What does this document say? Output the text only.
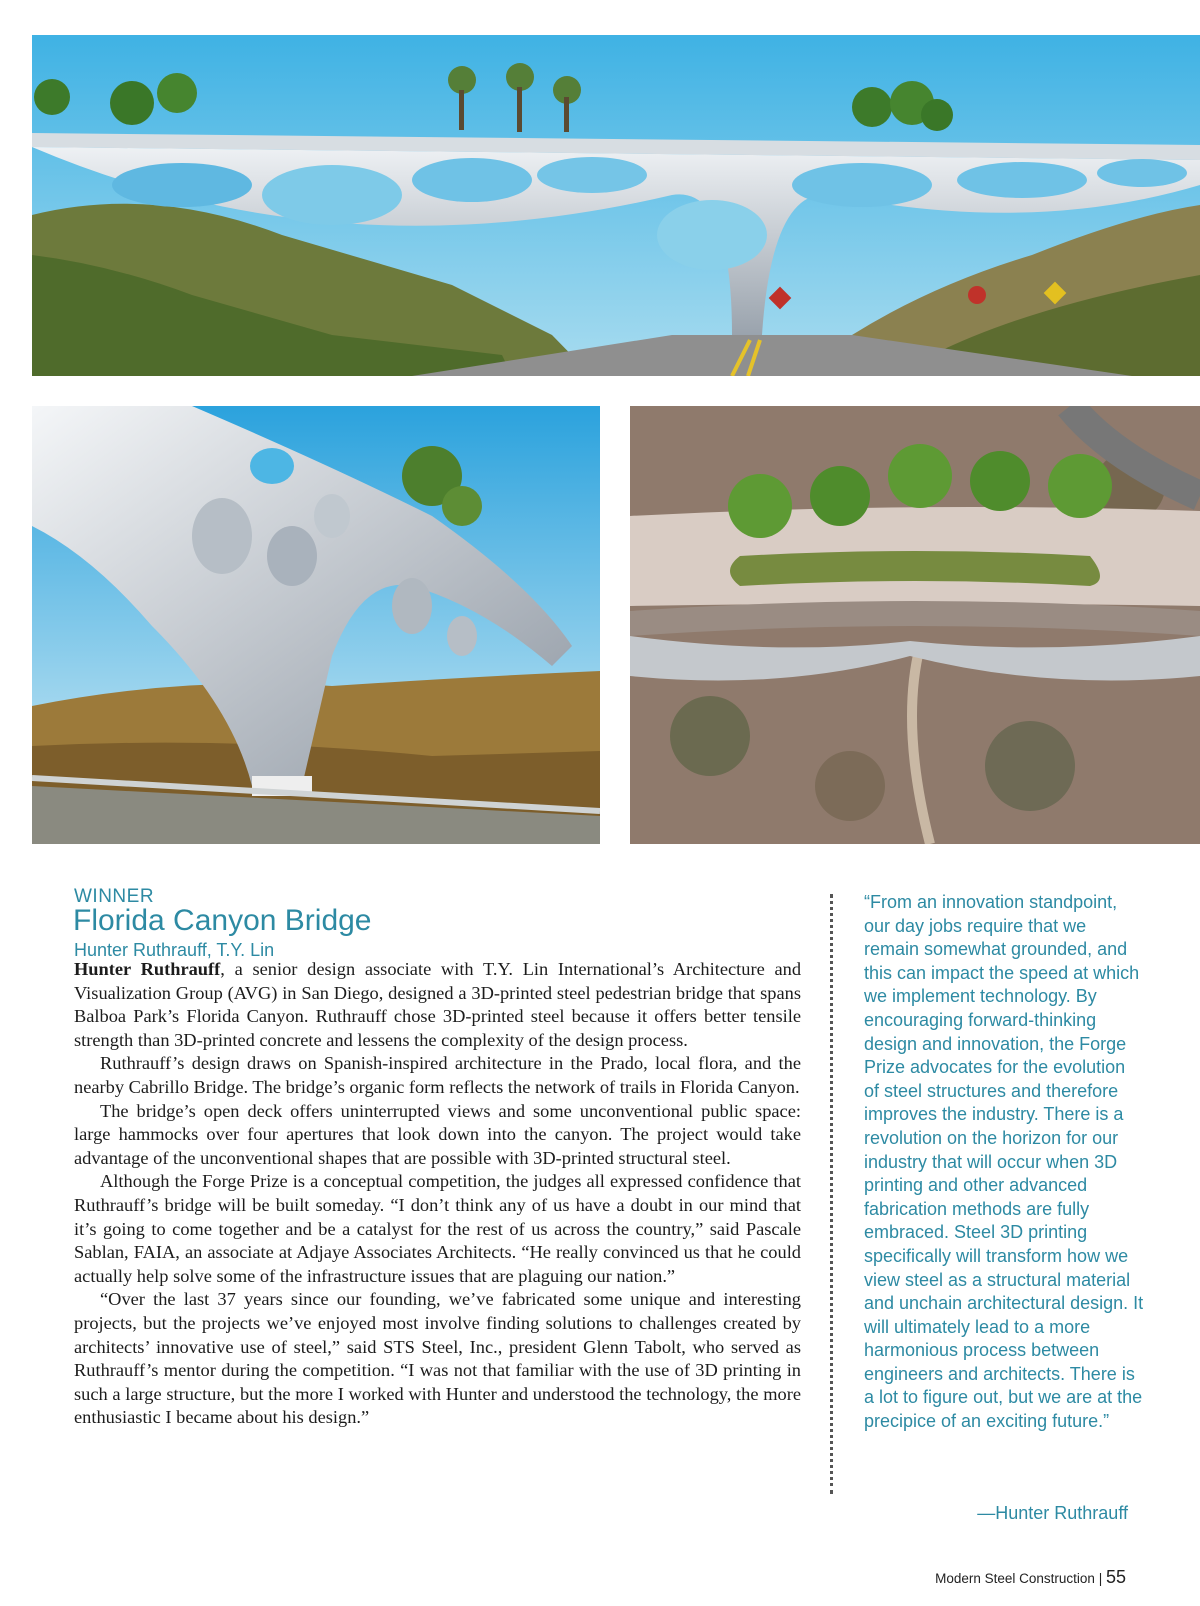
WINNER
Florida Canyon Bridge
Hunter Ruthrauff, T.Y. Lin

Hunter Ruthrauff, a senior design associate with T.Y. Lin International’s Architecture and Visualization Group (AVG) in San Diego, designed a 3D-printed steel pedestrian bridge that spans Balboa Park’s Florida Canyon. Ruthrauff chose 3D-printed steel because it offers better tensile strength than 3D-printed concrete and lessens the complexity of the design process.

Ruthrauff’s design draws on Spanish-inspired architecture in the Prado, local flora, and the nearby Cabrillo Bridge. The bridge’s organic form reflects the network of trails in Florida Canyon.

The bridge’s open deck offers uninterrupted views and some unconventional public space: large hammocks over four apertures that look down into the canyon. The project would take advantage of the unconventional shapes that are possible with 3D-printed structural steel.

Although the Forge Prize is a conceptual competition, the judges all expressed confidence that Ruthrauff’s bridge will be built someday. “I don’t think any of us have a doubt in our mind that it’s going to come together and be a catalyst for the rest of us across the country,” said Pascale Sablan, FAIA, an associate at Adjaye Associates Architects. “He really convinced us that he could actually help solve some of the infrastructure issues that are plaguing our nation.”

“Over the last 37 years since our founding, we’ve fabricated some unique and interesting projects, but the projects we’ve enjoyed most involve finding solutions to challenges created by architects’ innovative use of steel,” said STS Steel, Inc., president Glenn Tabolt, who served as Ruthrauff’s mentor during the competition. “I was not that familiar with the use of 3D printing in such a large structure, but the more I worked with Hunter and understood the technology, the more enthusiastic I became about his design.”

“From an innovation standpoint, our day jobs require that we remain somewhat grounded, and this can impact the speed at which we implement technology. By encouraging forward-thinking design and innovation, the Forge Prize advocates for the evolution of steel structures and therefore improves the industry. There is a revolution on the horizon for our industry that will occur when 3D printing and other advanced fabrication methods are fully embraced. Steel 3D printing specifically will transform how we view steel as a structural material and unchain architectural design. It will ultimately lead to a more harmonious process between engineers and architects. There is a lot to figure out, but we are at the precipice of an exciting future.”
—Hunter Ruthrauff
Modern Steel Construction | 55
